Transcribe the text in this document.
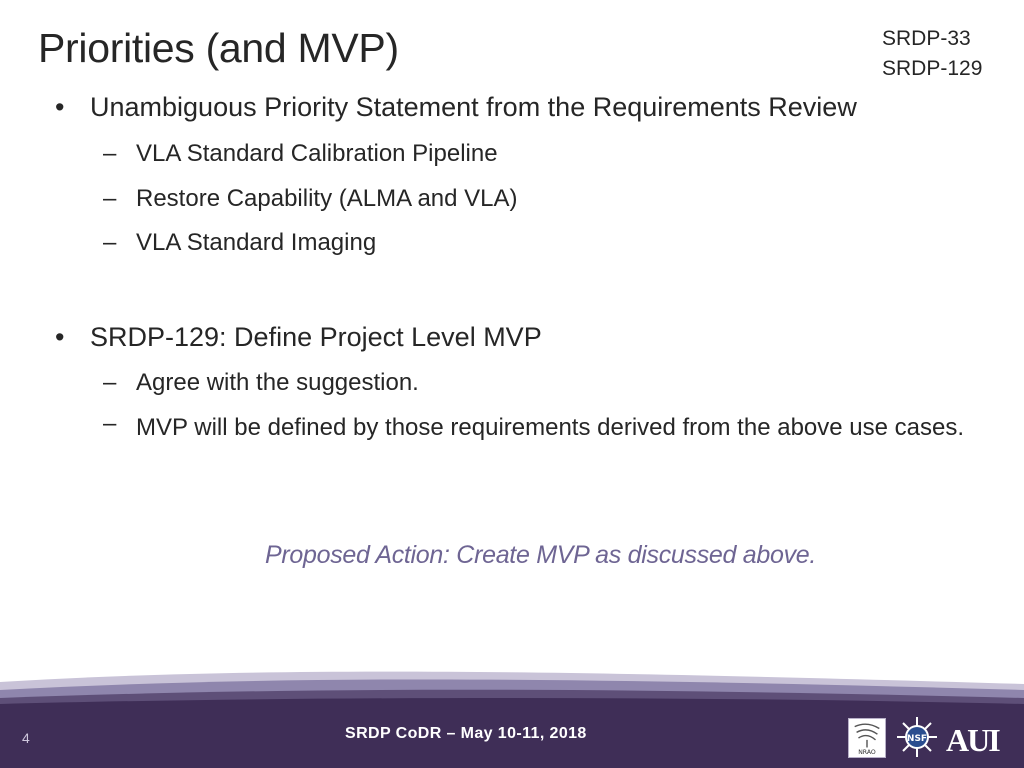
Priorities (and MVP)	SRDP-33
SRDP-129
• Unambiguous Priority Statement from the Requirements Review
– VLA Standard Calibration Pipeline
– Restore Capability (ALMA and VLA)
– VLA Standard Imaging
• SRDP-129: Define Project Level MVP
– Agree with the suggestion.
– MVP will be defined by those requirements derived from the above use cases.
Proposed Action: Create MVP as discussed above.
4	SRDP CoDR – May 10-11, 2018
NRAO
NSF AUI
